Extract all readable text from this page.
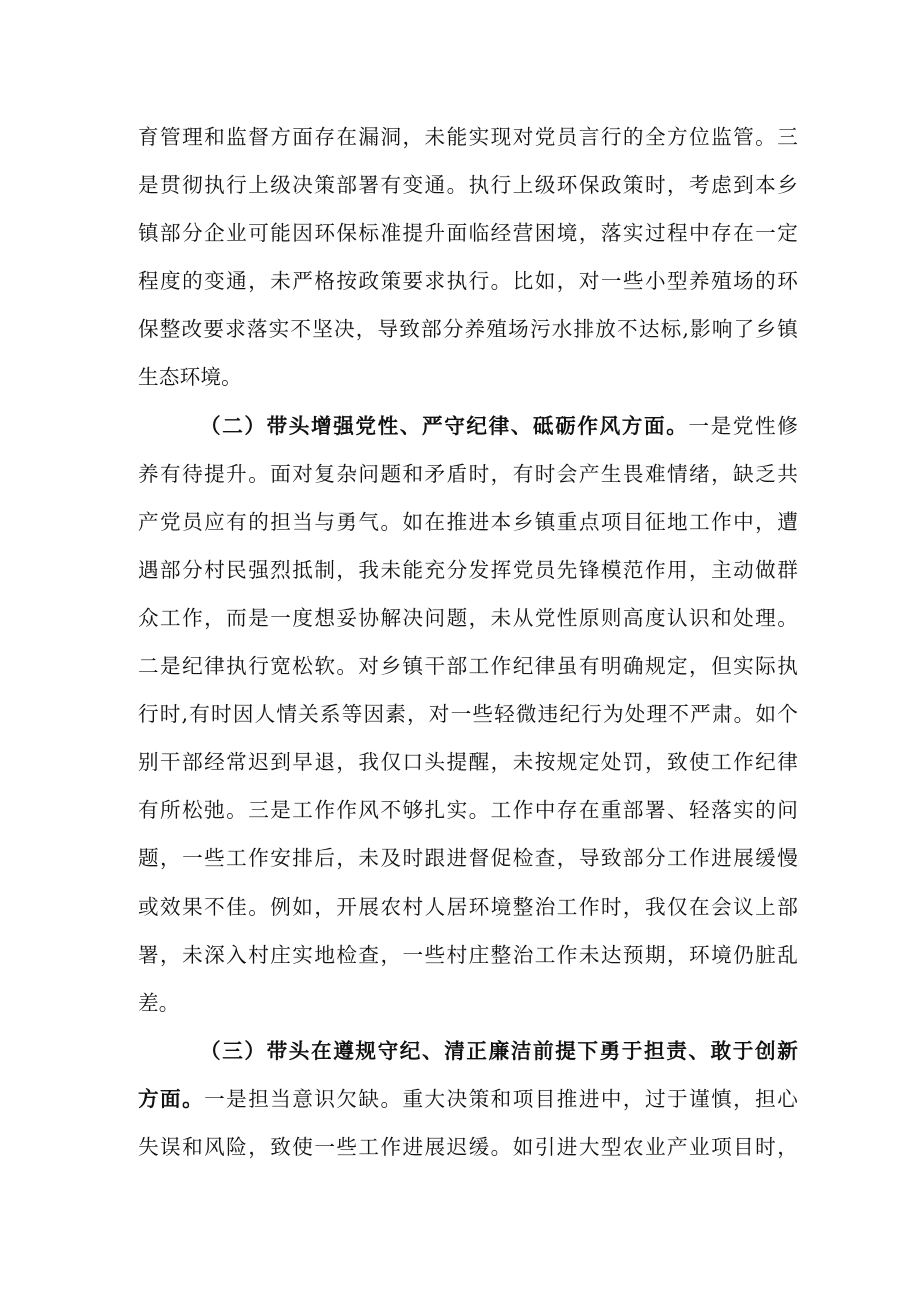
育管理和监督方面存在漏洞，未能实现对党员言行的全方位监管。三
是贯彻执行上级决策部署有变通。执行上级环保政策时，考虑到本乡
镇部分企业可能因环保标准提升面临经营困境，落实过程中存在一定
程度的变通，未严格按政策要求执行。比如，对一些小型养殖场的环
保整改要求落实不坚决，导致部分养殖场污水排放不达标,影响了乡镇
生态环境。
（二）带头增强党性、严守纪律、砥砺作风方面。一是党性修
养有待提升。面对复杂问题和矛盾时，有时会产生畏难情绪，缺乏共
产党员应有的担当与勇气。如在推进本乡镇重点项目征地工作中，遭
遇部分村民强烈抵制，我未能充分发挥党员先锋模范作用，主动做群
众工作，而是一度想妥协解决问题，未从党性原则高度认识和处理。
二是纪律执行宽松软。对乡镇干部工作纪律虽有明确规定，但实际执
行时,有时因人情关系等因素，对一些轻微违纪行为处理不严肃。如个
别干部经常迟到早退，我仅口头提醒，未按规定处罚，致使工作纪律
有所松弛。三是工作作风不够扎实。工作中存在重部署、轻落实的问
题，一些工作安排后，未及时跟进督促检查，导致部分工作进展缓慢
或效果不佳。例如，开展农村人居环境整治工作时，我仅在会议上部
署，未深入村庄实地检查，一些村庄整治工作未达预期，环境仍脏乱
差。
（三）带头在遵规守纪、清正廉洁前提下勇于担责、敢于创新
方面。一是担当意识欠缺。重大决策和项目推进中，过于谨慎，担心
失误和风险，致使一些工作进展迟缓。如引进大型农业产业项目时，
